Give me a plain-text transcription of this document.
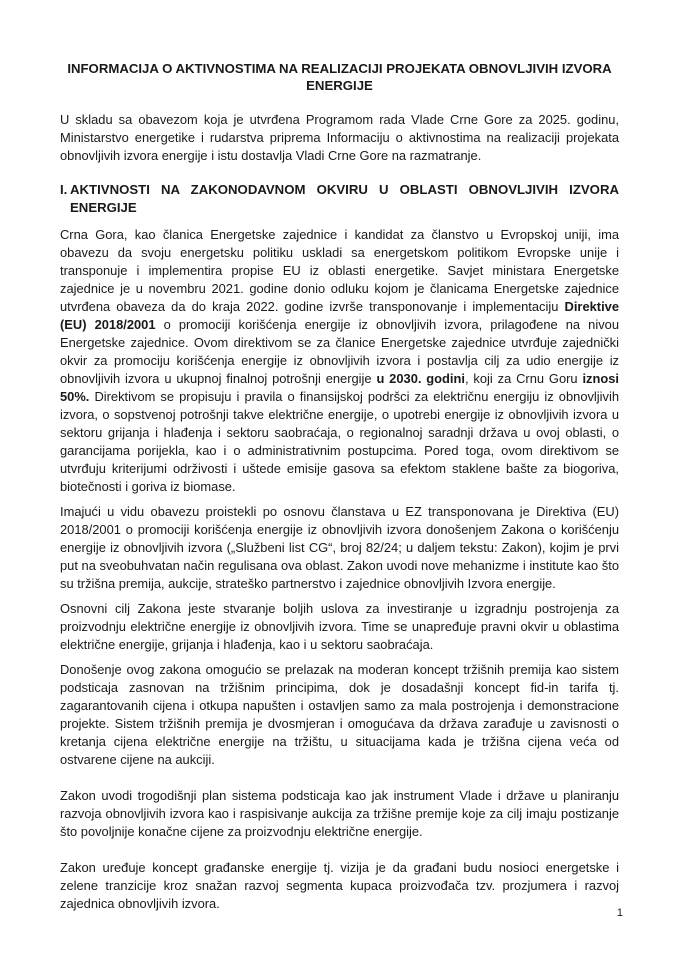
INFORMACIJA O AKTIVNOSTIMA NA REALIZACIJI PROJEKATA OBNOVLJIVIH IZVORA ENERGIJE
U skladu sa obavezom koja je utvrđena Programom rada Vlade Crne Gore za 2025. godinu, Ministarstvo energetike i rudarstva priprema Informaciju o aktivnostima na realizaciji projekata obnovljivih izvora energije i istu dostavlja Vladi Crne Gore na razmatranje.
I. AKTIVNOSTI NA ZAKONODAVNOM OKVIRU U OBLASTI OBNOVLJIVIH IZVORA ENERGIJE

Crna Gora, kao članica Energetske zajednice i kandidat za članstvo u Evropskoj uniji, ima obavezu da svoju energetsku politiku uskladi sa energetskom politikom Evropske unije i transponuje i implementira propise EU iz oblasti energetike. Savjet ministara Energetske zajednice je u novembru 2021. godine donio odluku kojom je članicama Energetske zajednice utvrđena obaveza da do kraja 2022. godine izvrše transponovanje i implementaciju Direktive (EU) 2018/2001 o promociji korišćenja energije iz obnovljivih izvora, prilagođene na nivou Energetske zajednice. Ovom direktivom se za članice Energetske zajednice utvrđuje zajednički okvir za promociju korišćenja energije iz obnovljivih izvora i postavlja cilj za udio energije iz obnovljivih izvora u ukupnoj finalnoj potrošnji energije u 2030. godini, koji za Crnu Goru iznosi 50%. Direktivom se propisuju i pravila o finansijskoj podršci za električnu energiju iz obnovljivih izvora, o sopstvenoj potrošnji takve električne energije, o upotrebi energije iz obnovljivih izvora u sektoru grijanja i hlađenja i sektoru saobraćaja, o regionalnoj saradnji država u ovoj oblasti, o garancijama porijekla, kao i o administrativnim postupcima. Pored toga, ovom direktivom se utvrđuju kriterijumi održivosti i uštede emisije gasova sa efektom staklene bašte za biogoriva, biotečnosti i goriva iz biomase.

Imajući u vidu obavezu proistekli po osnovu članstava u EZ transponovana je Direktiva (EU) 2018/2001 o promociji korišćenja energije iz obnovljivih izvora donošenjem Zakona o korišćenju energije iz obnovljivih izvora („Službeni list CG“, broj 82/24; u daljem tekstu: Zakon), kojim je prvi put na sveobuhvatan način regulisana ova oblast. Zakon uvodi nove mehanizme i institute kao što su tržišna premija, aukcije, strateško partnerstvo i zajednice obnovljivih Izvora energije.

Osnovni cilj Zakona jeste stvaranje boljih uslova za investiranje u izgradnju postrojenja za proizvodnju električne energije iz obnovljivih izvora. Time se unapređuje pravni okvir u oblastima električne energije, grijanja i hlađenja, kao i u sektoru saobraćaja.

Donošenje ovog zakona omogućio se prelazak na moderan koncept tržišnih premija kao sistem podsticaja zasnovan na tržišnim principima, dok je dosadašnji koncept fid-in tarifa tj. zagarantovanih cijena i otkupa napušten i ostavljen samo za mala postrojenja i demonstracione projekte. Sistem tržišnih premija je dvosmjeran i omogućava da država zarađuje u zavisnosti o kretanja cijena električne energije na tržištu, u situacijama kada je tržišna cijena veća od ostvarene cijene na aukciji.

Zakon uvodi trogodišnji plan sistema podsticaja kao jak instrument Vlade i države u planiranju razvoja obnovljivih izvora kao i raspisivanje aukcija za tržišne premije koje za cilj imaju postizanje što povoljnije konačne cijene za proizvodnju električne energije.

Zakon uređuje koncept građanske energije tj. vizija je da građani budu nosioci energetske i zelene tranzicije kroz snažan razvoj segmenta kupaca proizvođača tzv. prozjumera i razvoj zajednica obnovljivih izvora.

1
